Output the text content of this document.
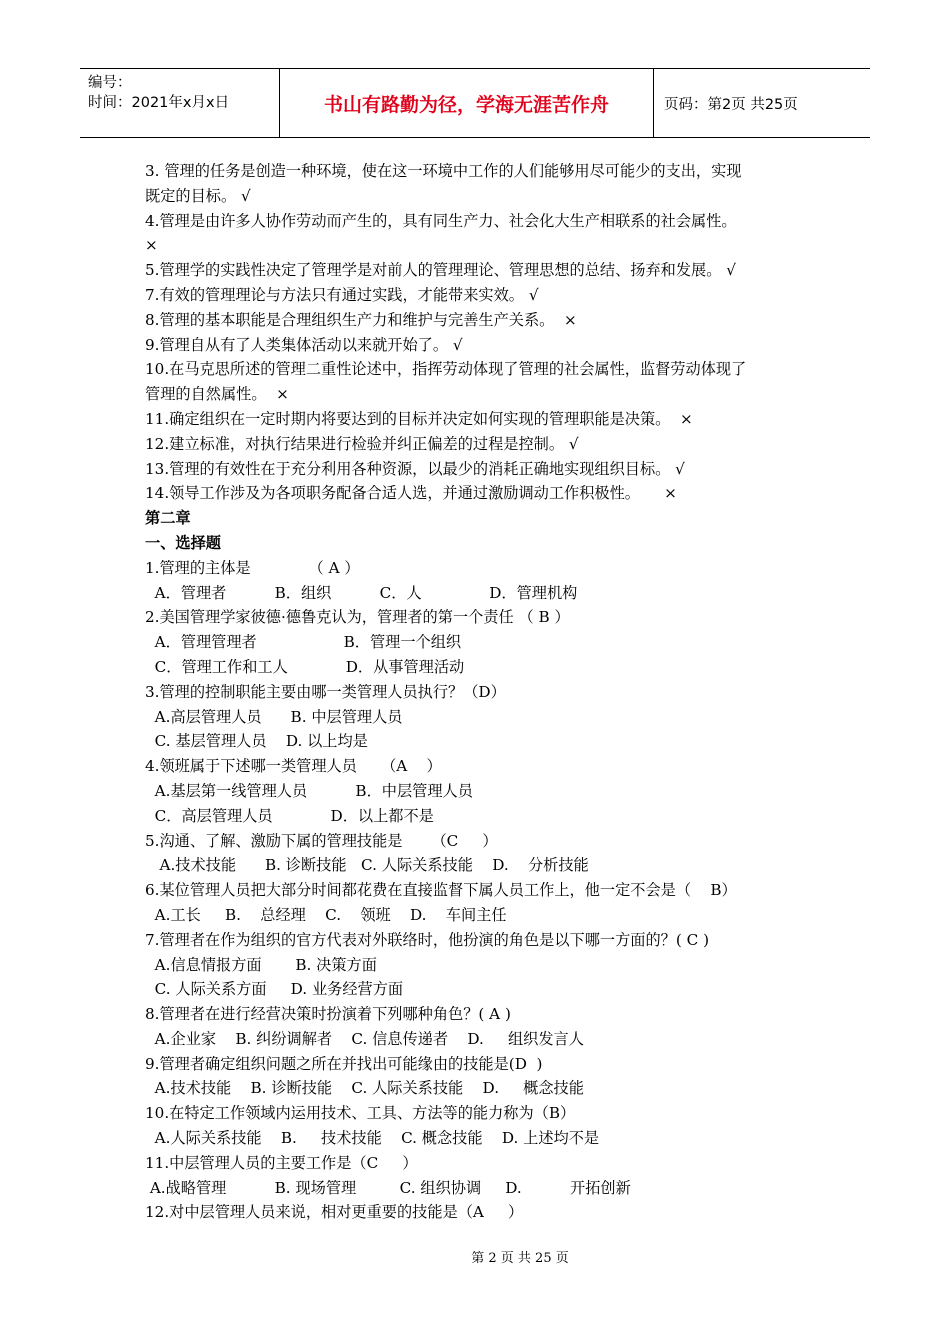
编号：
时间：2021年x月x日	书山有路勤为径，学海无涯苦作舟	页码：第2页 共25页
3. 管理的任务是创造一种环境，使在这一环境中工作的人们能够用尽可能少的支出，实现
既定的目标。 √
4.管理是由许多人协作劳动而产生的，具有同生产力、社会化大生产相联系的社会属性。
×
5.管理学的实践性决定了管理学是对前人的管理理论、管理思想的总结、扬弃和发展。 √
7.有效的管理理论与方法只有通过实践，才能带来实效。 √
8.管理的基本职能是合理组织生产力和维护与完善生产关系。  ×
9.管理自从有了人类集体活动以来就开始了。 √
10.在马克思所述的管理二重性论述中，指挥劳动体现了管理的社会属性，监督劳动体现了
管理的自然属性。  ×
11.确定组织在一定时期内将要达到的目标并决定如何实现的管理职能是决策。  ×
12.建立标准，对执行结果进行检验并纠正偏差的过程是控制。 √
13.管理的有效性在于充分利用各种资源，以最少的消耗正确地实现组织目标。 √
14.领导工作涉及为各项职务配备合适人选，并通过激励调动工作积极性。     ×
第二章
一、选择题
1.管理的主体是            （ A ）
A．管理者          B．组织          C．人              D．管理机构
2.美国管理学家彼德·德鲁克认为，管理者的第一个责任 （ B ）
A．管理管理者                  B．管理一个组织
C．管理工作和工人            D．从事管理活动
3.管理的控制职能主要由哪一类管理人员执行？（D）
A.高层管理人员      B. 中层管理人员
C. 基层管理人员    D. 以上均是
4.领班属于下述哪一类管理人员     （A    ）
A.基层第一线管理人员          B．中层管理人员
C．高层管理人员            D．以上都不是
5.沟通、了解、激励下属的管理技能是      （C     ）
A.技术技能      B. 诊断技能   C. 人际关系技能    D.    分析技能
6.某位管理人员把大部分时间都花费在直接监督下属人员工作上，他一定不会是（    B）
A.工长     B.    总经理    C.    领班    D.    车间主任
7.管理者在作为组织的官方代表对外联络时，他扮演的角色是以下哪一方面的？( C )
A.信息情报方面       B. 决策方面
C. 人际关系方面     D. 业务经营方面
8.管理者在进行经营决策时扮演着下列哪种角色？( A )
A.企业家    B. 纠纷调解者    C. 信息传递者    D.     组织发言人
9.管理者确定组织问题之所在并找出可能缘由的技能是(D  )
A.技术技能    B. 诊断技能    C. 人际关系技能    D.     概念技能
10.在特定工作领域内运用技术、工具、方法等的能力称为（B）
A.人际关系技能    B.     技术技能    C. 概念技能    D. 上述均不是
11.中层管理人员的主要工作是（C     ）
A.战略管理          B. 现场管理         C. 组织协调     D.          开拓创新
12.对中层管理人员来说，相对更重要的技能是（A     ）
第 2 页 共 25 页
